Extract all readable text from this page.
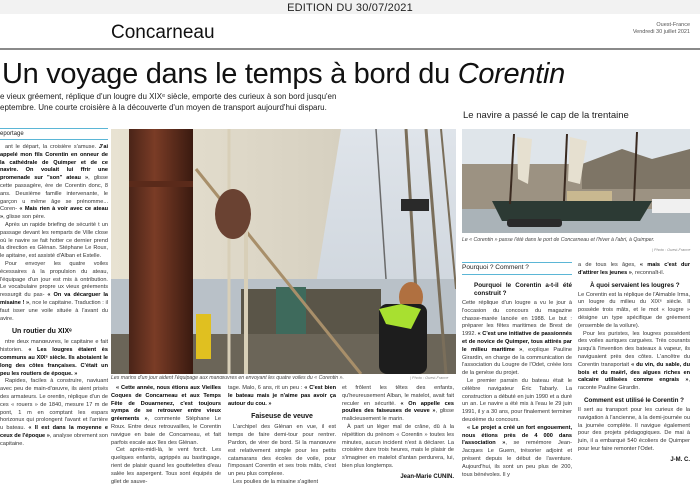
EDITION DU 30/07/2021
Concarneau	Ouest-France
Vendredi 30 juillet 2021
Un voyage dans le temps à bord du Corentin
e vieux gréement, réplique d'un lougre du XIXᵉ siècle, emporte des curieux à son bord jusqu'en
eptembre. Une courte croisière à la découverte d'un moyen de transport aujourd'hui disparu.
Le navire a passé le cap de la trentaine
eportage

ant le départ, la croisière s'amuse. J'ai appelé mon fils Corentin en onneur de la cathédrale de Quimper et de ce navire. On voulait lui ffrir une promenade sur "son" ateau », glisse cette passagère, ère de Corentin donc, 8 ans. Deuxième famille intervenante, le garçon u même âge se prénomme... Coren- « Mais rien à voir avec ce ateau », glisse son père.

Après un rapide briefing de sécurité t un passage devant les remparts de Ville close où le navire se fait hotter ce dernier prend la direction es Glénan. Stéphane Le Roux, le apitaine, est assisté d'Alban et Estelle.

Pour envoyer les quatre voiles écessaires à la propulsion du ateau, l'équipage d'un jour est mis à ontribution. Le vocabulaire propre ux vieux gréements ressurgit du pas- « On va décarguer la misaine ! », nce le capitaine. Traduction : il faut isser une voile située à l'avant du avire.

Un routier du XIXᵉ

ntre deux manœuvres, le capitaine e fait historien. « Les lougres étaient ès communs au XIXᵉ siècle. Ils abotaient le long des côtes françaises. C'était un peu les routiers de époque. »

Rapides, faciles à construire, naviuant avec peu de main-d'œuvre, ils aient prisés des armateurs. Le orentin, réplique d'un de ces « rouers » de 1840, mesure 17 m de pont, 1 m en comptant les espars horizonux qui prolongent l'avant et l'arrière u bateau. « Il est dans la moyenne e ceux de l'époque », analyse obrement son capitaine.

Les marins d'un jour aident l'équipage aux manœuvres en envoyant les quatre voiles du « Corentin ».	| Photo : Ouest-France

« Cette année, nous étions aux Vieilles Coques de Concarneau et aux Temps Fête de Douarnenez, c'est toujours sympa de se retrouver entre vieux gréements », commente Stéphane Le Roux. Entre deux retrouvailles, le Corentin navigue en baie de Concarneau, et fait parfois escale aux îles des Glénan.

Cet après-midi-là, le vent forcit. Les quelques enfants, agrippés au bastingage, rient de plaisir quand les gouttelettes d'eau salée les aspergent. Tous sont équipés de gilet de sauve-

tage. Malo, 6 ans, rit un peu : « C'est bien le bateau mais je n'aime pas avoir ça autour du cou. »

Faiseuse de veuve

L'archipel des Glénan en vue, il est temps de faire demi-tour pour rentrer. Pardon, de virer de bord. Si la manœuvre est relativement simple pour les petits catamarans des écoles de voile, pour l'imposant Corentin et ses trois mâts, c'est un peu plus complexe.

Les poulies de la misaine s'agitent

et frôlent les têtes des enfants, qu'heureusement Alban, le matelot, avait fait reculer en sécurité. « On appelle ces poulies des faiseuses de veuve », glisse malicieusement le marin.

À part un léger mal de crâne, dû à la répétition du prénom « Corentin » toutes les minutes, aucun incident n'est à déclarer. La croisière dure trois heures, mais le plaisir de s'imaginer en matelot d'antan perdurera, lui, bien plus longtemps.

Jean-Marie CUNIN.
Le « Corentin » passe l'été dans le port de Concarneau et l'hiver à l'abri, à Quimper.
| Photo : Ouest-France
Pourquoi ? Comment ?
Pourquoi le Corentin a-t-il été construit ?

Cette réplique d'un lougre a vu le jour à l'occasion du concours du magazine chasse-marée lancée en 1988. Le but : préparer les fêtes maritimes de Brest de 1992. « C'est une initiative de passionnés et de novice de Quimper, tous attirés par le milieu maritime », explique Pauline Girardin, en charge de la communication de l'association du Lougre de l'Odet, créée lors de la genèse du projet.

Le premier parrain du bateau était le célèbre navigateur Éric Tabarly. La construction a débuté en juin 1990 et a duré un an. Le navire a été mis à l'eau le 29 juin 1991, il y a 30 ans, pour finalement terminer deuxième du concours.

« Le projet a créé un fort engouement, nous étions près de 4 000 dans l'association », se remémore Jean-Jacques Le Guern, trésorier adjoint et présent depuis le début de l'aventure. Aujourd'hui, ils sont un peu plus de 200, tous bénévoles. Il y

a de tous les âges, « mais c'est dur d'attirer les jeunes », reconnaît-il.

À quoi servaient les lougres ?

Le Corentin est la réplique de l'Aimable Irma, un lougre du milieu du XIXᵉ siècle. Il possède trois mâts, et le mot « lougre » désigne un type spécifique de gréement (ensemble de la voilure).

Pour les puristes, les lougres possédent des voiles auriques carguées. Très courants jusqu'à l'invention des bateaux à vapeur, ils naviguaient près des côtes. L'ancêtre du Corentin transportait « du vin, du sable, du bois et du maërl, des algues riches en calcaire utilisées comme engrais », raconte Pauline Girardin.

Comment est utilisé le Corentin ?

Il sert au transport pour les curieux de la navigation à l'ancienne, à la demi-journée ou la journée complète. Il navigue également pour des projets pédagogiques. De mai à juin, il a embarqué 540 écoliers de Quimper pour leur faire remonter l'Odet.

J-M. C.
